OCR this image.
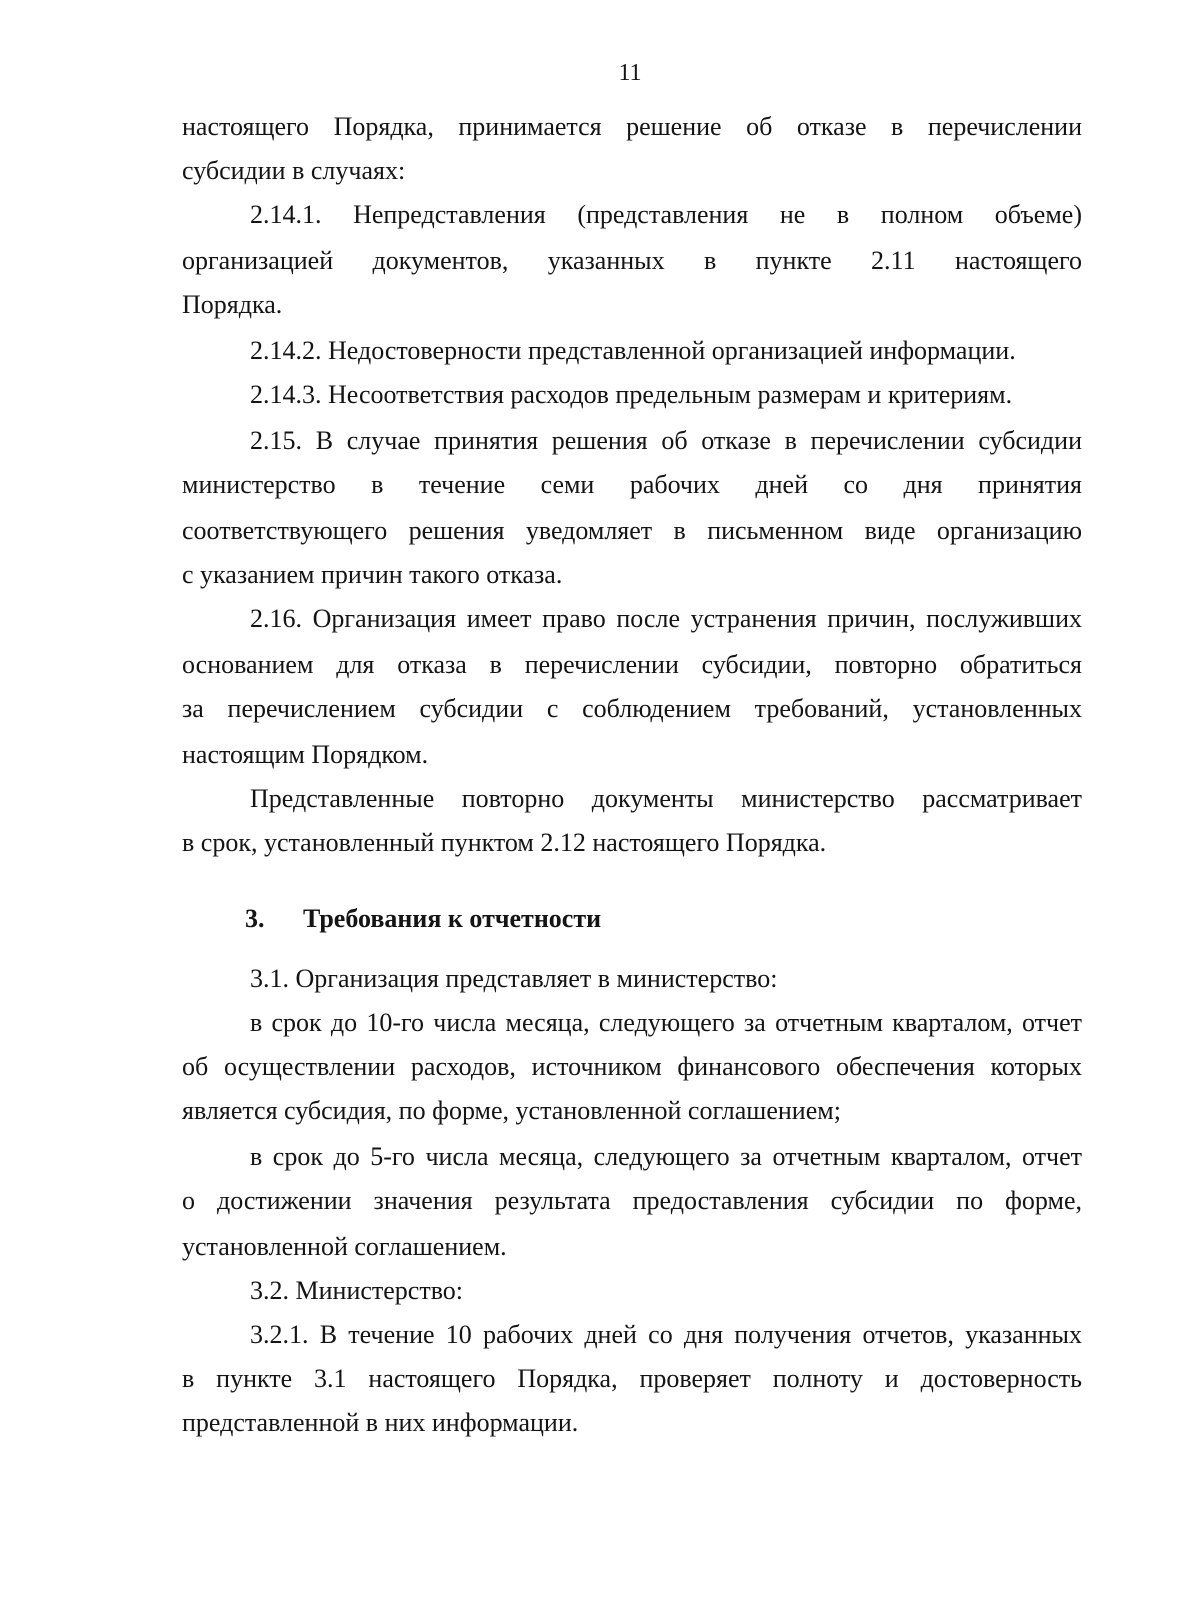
11
настоящего Порядка, принимается решение об отказе в перечислении
субсидии в случаях:
2.14.1. Непредставления (представления не в полном объеме)
организацией документов, указанных в пункте 2.11 настоящего
Порядка.
2.14.2. Недостоверности представленной организацией информации.
2.14.3. Несоответствия расходов предельным размерам и критериям.
2.15. В случае принятия решения об отказе в перечислении субсидии
министерство в течение семи рабочих дней со дня принятия
соответствующего решения уведомляет в письменном виде организацию
с указанием причин такого отказа.
2.16. Организация имеет право после устранения причин, послуживших
основанием для отказа в перечислении субсидии, повторно обратиться
за перечислением субсидии с соблюдением требований, установленных
настоящим Порядком.
Представленные повторно документы министерство рассматривает
в срок, установленный пунктом 2.12 настоящего Порядка.
3. Требования к отчетности
3.1. Организация представляет в министерство:
в срок до 10-го числа месяца, следующего за отчетным кварталом, отчет
об осуществлении расходов, источником финансового обеспечения которых
является субсидия, по форме, установленной соглашением;
в срок до 5-го числа месяца, следующего за отчетным кварталом, отчет
о достижении значения результата предоставления субсидии по форме,
установленной соглашением.
3.2. Министерство:
3.2.1. В течение 10 рабочих дней со дня получения отчетов, указанных
в пункте 3.1 настоящего Порядка, проверяет полноту и достоверность
представленной в них информации.
